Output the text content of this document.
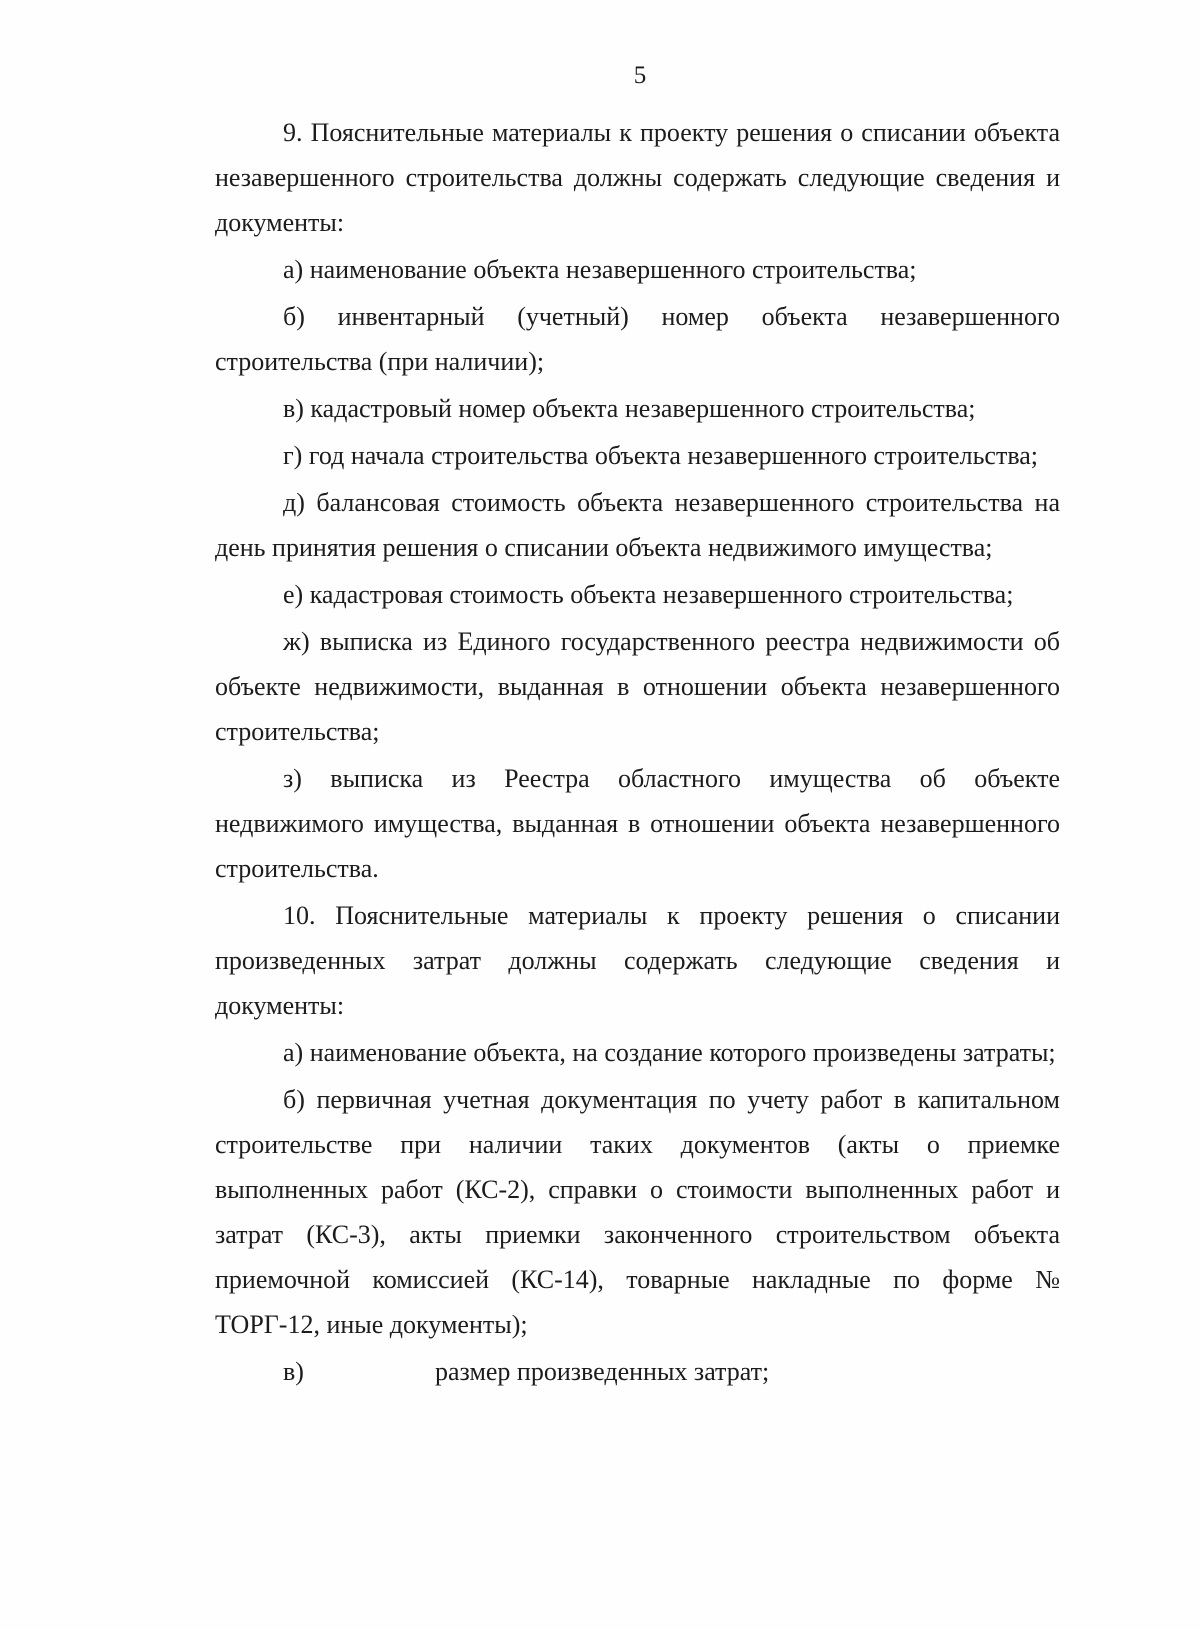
5

9. Пояснительные материалы к проекту решения о списании объекта незавершенного строительства должны содержать следующие сведения и документы:

а) наименование объекта незавершенного строительства;

б) инвентарный (учетный) номер объекта незавершенного строительства (при наличии);

в) кадастровый номер объекта незавершенного строительства;

г) год начала строительства объекта незавершенного строительства;

д) балансовая стоимость объекта незавершенного строительства на день принятия решения о списании объекта недвижимого имущества;

е) кадастровая стоимость объекта незавершенного строительства;

ж) выписка из Единого государственного реестра недвижимости об объекте недвижимости, выданная в отношении объекта незавершенного строительства;

з) выписка из Реестра областного имущества об объекте недвижимого имущества, выданная в отношении объекта незавершенного строительства.

10. Пояснительные материалы к проекту решения о списании произведенных затрат должны содержать следующие сведения и документы:

а) наименование объекта, на создание которого произведены затраты;

б) первичная учетная документация по учету работ в капитальном строительстве при наличии таких документов (акты о приемке выполненных работ (КС-2), справки о стоимости выполненных работ и затрат (КС-3), акты приемки законченного строительством объекта приемочной комиссией (КС-14), товарные накладные по форме № ТОРГ-12, иные документы);

в)	размер произведенных затрат;
